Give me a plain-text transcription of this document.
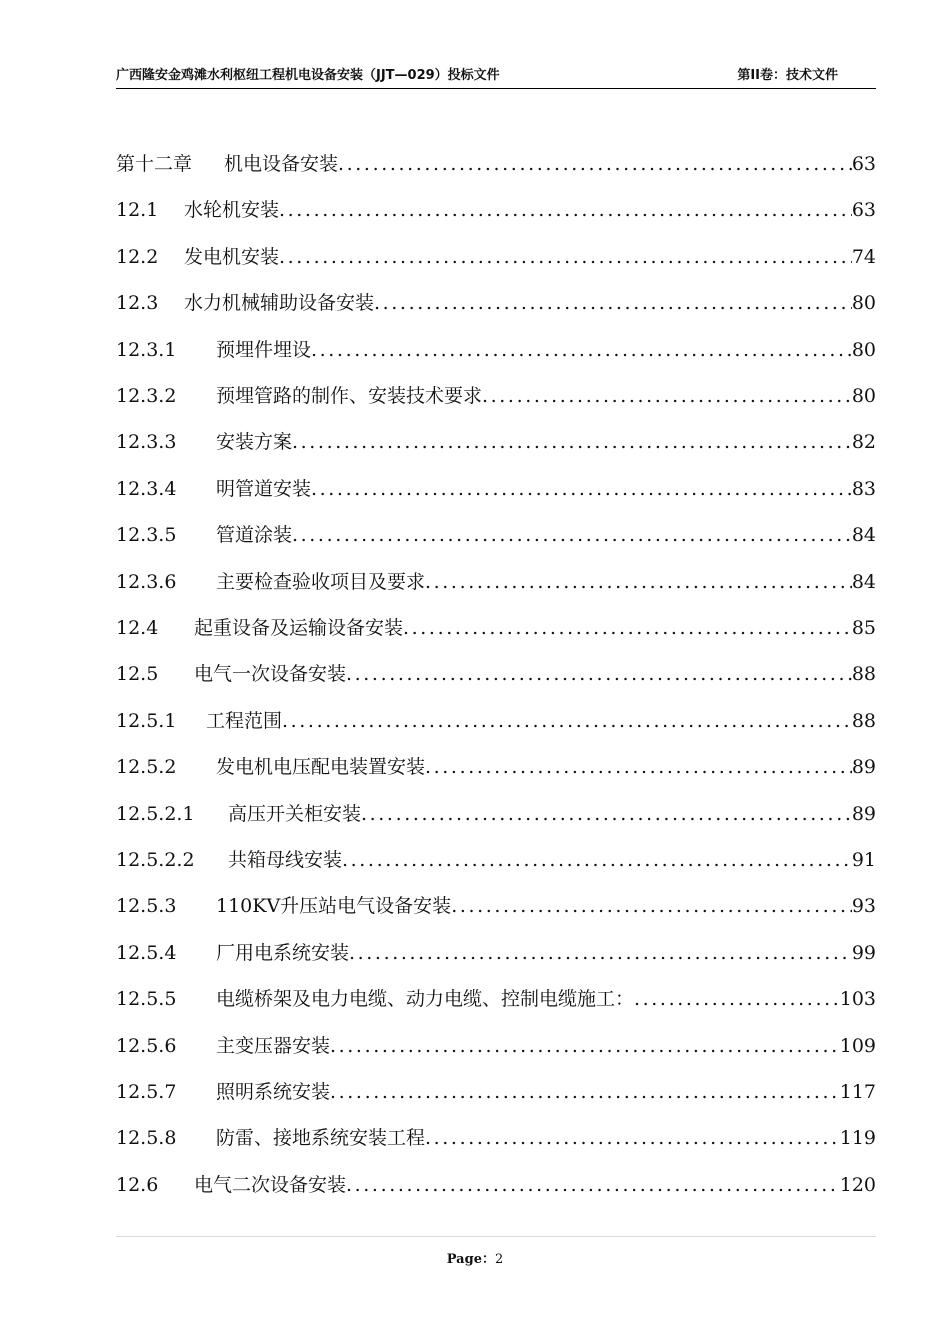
广西隆安金鸡滩水利枢纽工程机电设备安装（JJT—029）投标文件	第II卷：技术文件
第十二章 机电设备安装 .....	63
12.1	水轮机安装 .....	63
12.2	发电机安装 .....	74
12.3	水力机械辅助设备安装 .....	80
12.3.1	预埋件埋设 .....	80
12.3.2	预埋管路的制作、安装技术要求 .....	80
12.3.3	安装方案 .....	82
12.3.4	明管道安装 .....	83
12.3.5	管道涂装 .....	84
12.3.6	主要检查验收项目及要求 .....	84
12.4	起重设备及运输设备安装 .....	85
12.5	电气一次设备安装 .....	88
12.5.1	工程范围 .....	88
12.5.2	发电机电压配电装置安装 .....	89
12.5.2.1	高压开关柜安装 .....	89
12.5.2.2	共箱母线安装 .....	91
12.5.3	110KV升压站电气设备安装 .....	93
12.5.4	厂用电系统安装 .....	99
12.5.5	电缆桥架及电力电缆、动力电缆、控制电缆施工： .....	103
12.5.6	主变压器安装 .....	109
12.5.7	照明系统安装 .....	117
12.5.8	防雷、接地系统安装工程 .....	119
12.6	电气二次设备安装 .....	120
Page：2
